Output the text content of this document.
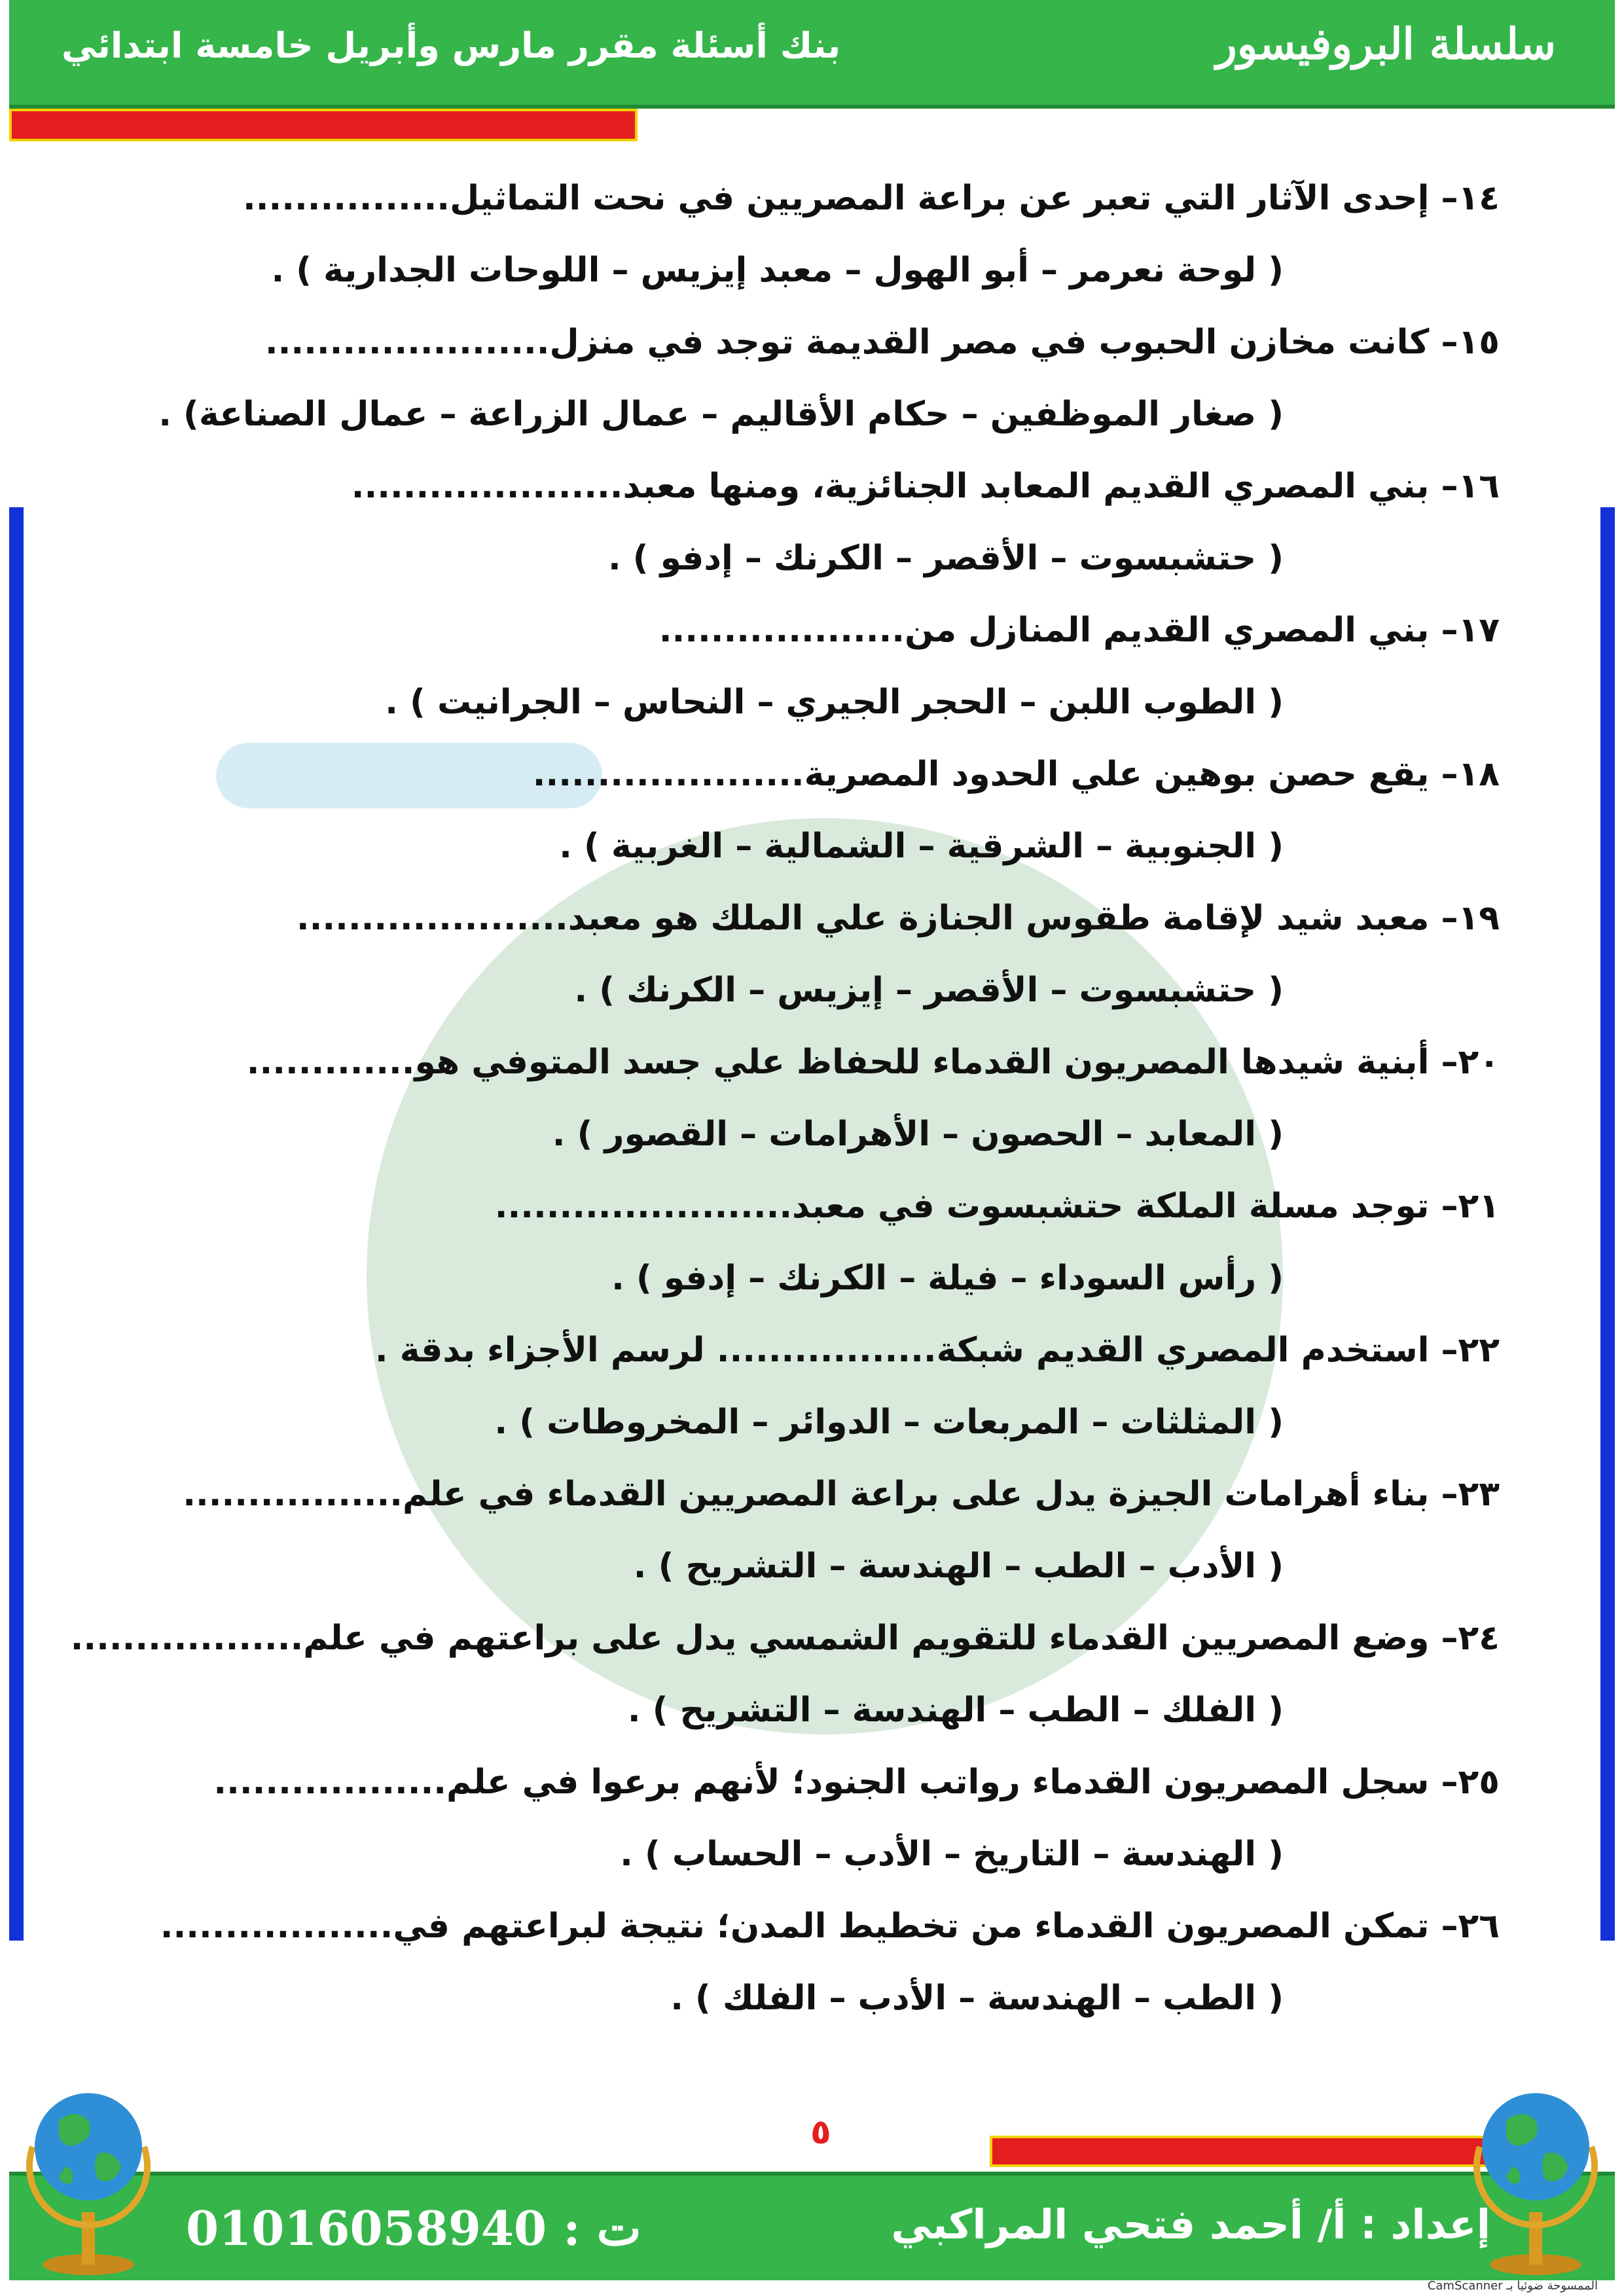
سلسلة البروفيسور
بنك أسئلة مقرر مارس وأبريل خامسة ابتدائي
١٤– إحدى الآثار التي تعبر عن براعة المصريين في نحت التماثيل................
( لوحة نعرمر – أبو الهول – معبد إيزيس – اللوحات الجدارية ) .
١٥– كانت مخازن الحبوب في مصر القديمة توجد في منزل......................
( صغار الموظفين – حكام الأقاليم – عمال الزراعة – عمال الصناعة) .
١٦– بني المصري القديم المعابد الجنائزية، ومنها معبد.....................
( حتشبسوت – الأقصر – الكرنك – إدفو ) .
١٧– بني المصري القديم المنازل من...................
( الطوب اللبن – الحجر الجيري – النحاس – الجرانيت ) .
١٨– يقع حصن بوهين علي الحدود المصرية.....................
( الجنوبية – الشرقية – الشمالية – الغربية ) .
١٩– معبد شيد لإقامة طقوس الجنازة علي الملك هو معبد.....................
( حتشبسوت – الأقصر – إيزيس – الكرنك ) .
٢٠– أبنية شيدها المصريون القدماء للحفاظ علي جسد المتوفي هو.............
( المعابد – الحصون – الأهرامات – القصور ) .
٢١– توجد مسلة الملكة حتشبسوت في معبد.......................
( رأس السوداء – فيلة – الكرنك – إدفو ) .
٢٢– استخدم المصري القديم شبكة................. لرسم الأجزاء بدقة .
( المثلثات – المربعات – الدوائر – المخروطات ) .
٢٣– بناء أهرامات الجيزة يدل على براعة المصريين القدماء في علم.................
( الأدب – الطب – الهندسة – التشريح ) .
٢٤– وضع المصريين القدماء للتقويم الشمسي يدل على براعتهم في علم..................
( الفلك – الطب – الهندسة – التشريح ) .
٢٥– سجل المصريون القدماء رواتب الجنود؛ لأنهم برعوا في علم..................
( الهندسة – التاريخ – الأدب – الحساب ) .
٢٦– تمكن المصريون القدماء من تخطيط المدن؛ نتيجة لبراعتهم في..................
( الطب – الهندسة – الأدب – الفلك ) .
٥
ت : 01016058940	إعداد : أ/ أحمد فتحي المراكبي
الممسوحة ضوئيا بـ CamScanner
